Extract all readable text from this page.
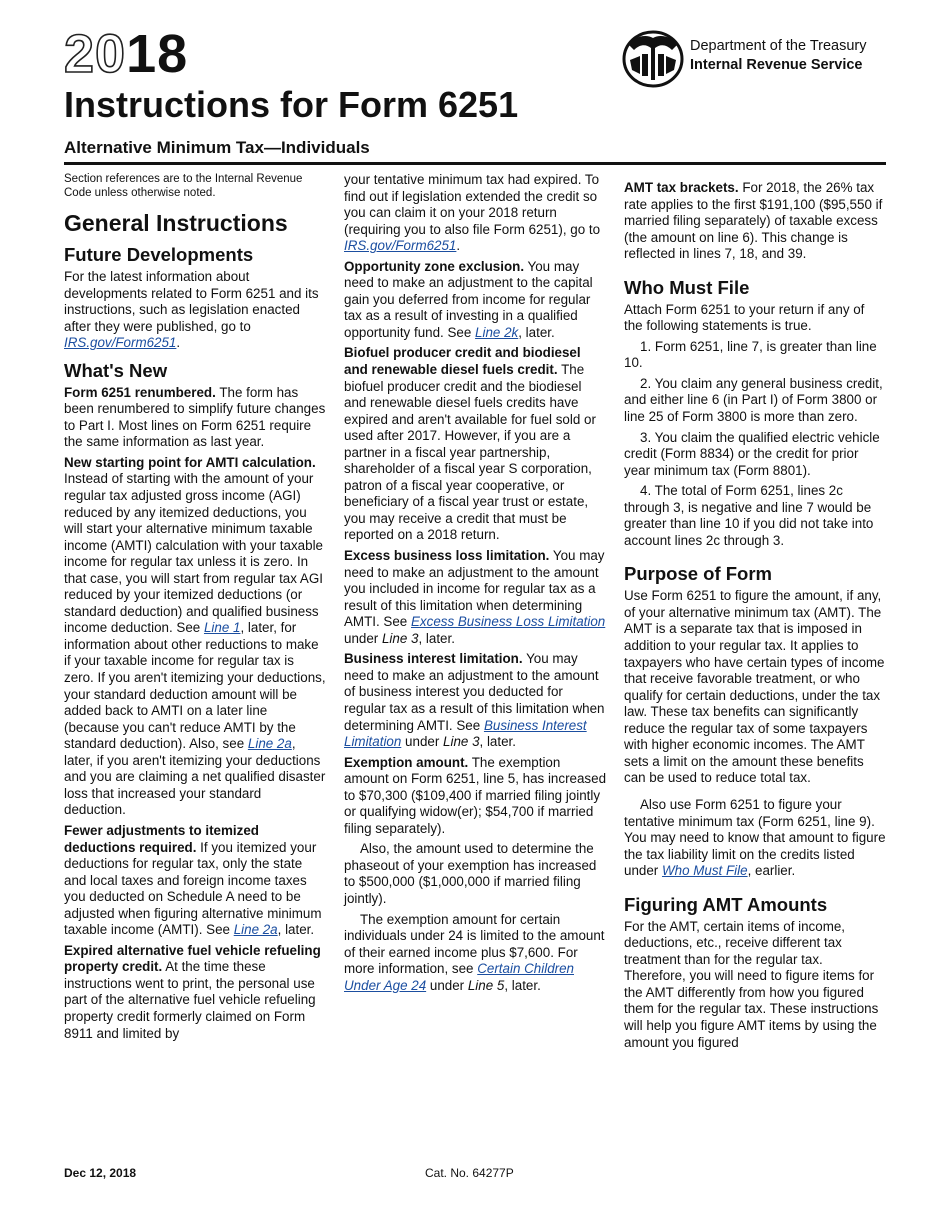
2018	Department of the Treasury
Internal Revenue Service
Instructions for Form 6251
Alternative Minimum Tax—Individuals

Section references are to the Internal Revenue Code unless otherwise noted.

General Instructions
Future Developments

For the latest information about developments related to Form 6251 and its instructions, such as legislation enacted after they were published, go to IRS.gov/Form6251.

What's New

Form 6251 renumbered. The form has been renumbered to simplify future changes to Part I. Most lines on Form 6251 require the same information as last year.

New starting point for AMTI calculation. Instead of starting with the amount of your regular tax adjusted gross income (AGI) reduced by any itemized deductions, you will start your alternative minimum taxable income (AMTI) calculation with your taxable income for regular tax unless it is zero. In that case, you will start from regular tax AGI reduced by your itemized deductions (or standard deduction) and qualified business income deduction. See Line 1, later, for information about other reductions to make if your taxable income for regular tax is zero. If you aren't itemizing your deductions, your standard deduction amount will be added back to AMTI on a later line (because you can't reduce AMTI by the standard deduction). Also, see Line 2a, later, if you aren't itemizing your deductions and you are claiming a net qualified disaster loss that increased your standard deduction.

Fewer adjustments to itemized deductions required. If you itemized your deductions for regular tax, only the state and local taxes and foreign income taxes you deducted on Schedule A need to be adjusted when figuring alternative minimum taxable income (AMTI). See Line 2a, later.

Expired alternative fuel vehicle refueling property credit. At the time these instructions went to print, the personal use part of the alternative fuel vehicle refueling property credit formerly claimed on Form 8911 and limited by

your tentative minimum tax had expired. To find out if legislation extended the credit so you can claim it on your 2018 return (requiring you to also file Form 6251), go to IRS.gov/Form6251.

Opportunity zone exclusion. You may need to make an adjustment to the capital gain you deferred from income for regular tax as a result of investing in a qualified opportunity fund. See Line 2k, later.

Biofuel producer credit and biodiesel and renewable diesel fuels credit. The biofuel producer credit and the biodiesel and renewable diesel fuels credits have expired and aren't available for fuel sold or used after 2017. However, if you are a partner in a fiscal year partnership, shareholder of a fiscal year S corporation, patron of a fiscal year cooperative, or beneficiary of a fiscal year trust or estate, you may receive a credit that must be reported on a 2018 return.

Excess business loss limitation. You may need to make an adjustment to the amount you included in income for regular tax as a result of this limitation when determining AMTI. See Excess Business Loss Limitation under Line 3, later.

Business interest limitation. You may need to make an adjustment to the amount of business interest you deducted for regular tax as a result of this limitation when determining AMTI. See Business Interest Limitation under Line 3, later.

Exemption amount. The exemption amount on Form 6251, line 5, has increased to $70,300 ($109,400 if married filing jointly or qualifying widow(er); $54,700 if married filing separately).

Also, the amount used to determine the phaseout of your exemption has increased to $500,000 ($1,000,000 if married filing jointly).

The exemption amount for certain individuals under 24 is limited to the amount of their earned income plus $7,600. For more information, see Certain Children Under Age 24 under Line 5, later.

AMT tax brackets. For 2018, the 26% tax rate applies to the first $191,100 ($95,550 if married filing separately) of taxable excess (the amount on line 6). This change is reflected in lines 7, 18, and 39.

Who Must File

Attach Form 6251 to your return if any of the following statements is true.

1. Form 6251, line 7, is greater than line 10.

2. You claim any general business credit, and either line 6 (in Part I) of Form 3800 or line 25 of Form 3800 is more than zero.

3. You claim the qualified electric vehicle credit (Form 8834) or the credit for prior year minimum tax (Form 8801).

4. The total of Form 6251, lines 2c through 3, is negative and line 7 would be greater than line 10 if you did not take into account lines 2c through 3.

Purpose of Form

Use Form 6251 to figure the amount, if any, of your alternative minimum tax (AMT). The AMT is a separate tax that is imposed in addition to your regular tax. It applies to taxpayers who have certain types of income that receive favorable treatment, or who qualify for certain deductions, under the tax law. These tax benefits can significantly reduce the regular tax of some taxpayers with higher economic incomes. The AMT sets a limit on the amount these benefits can be used to reduce total tax.

Also use Form 6251 to figure your tentative minimum tax (Form 6251, line 9). You may need to know that amount to figure the tax liability limit on the credits listed under Who Must File, earlier.

Figuring AMT Amounts

For the AMT, certain items of income, deductions, etc., receive different tax treatment than for the regular tax. Therefore, you will need to figure items for the AMT differently from how you figured them for the regular tax. These instructions will help you figure AMT items by using the amount you figured

Dec 12, 2018	Cat. No. 64277P
